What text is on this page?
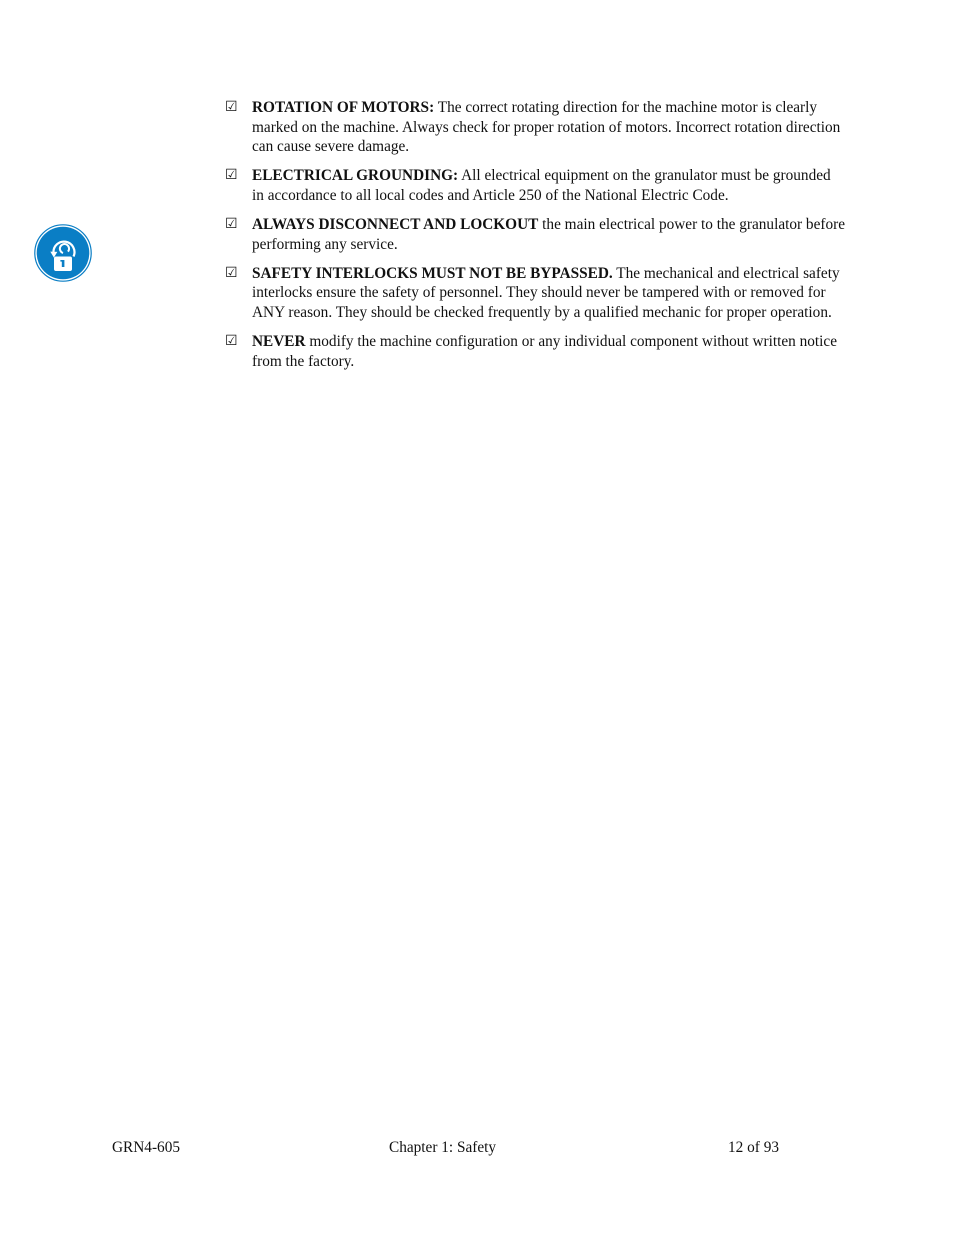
☑ ROTATION OF MOTORS: The correct rotating direction for the machine motor is clearly marked on the machine. Always check for proper rotation of motors. Incorrect rotation direction can cause severe damage.
☑ ELECTRICAL GROUNDING: All electrical equipment on the granulator must be grounded in accordance to all local codes and Article 250 of the National Electric Code.
☑ ALWAYS DISCONNECT AND LOCKOUT the main electrical power to the granulator before performing any service.
☑ SAFETY INTERLOCKS MUST NOT BE BYPASSED. The mechanical and electrical safety interlocks ensure the safety of personnel. They should never be tampered with or removed for ANY reason. They should be checked frequently by a qualified mechanic for proper operation.
☑ NEVER modify the machine configuration or any individual component without written notice from the factory.
GRN4-605	Chapter 1: Safety	12 of 93
